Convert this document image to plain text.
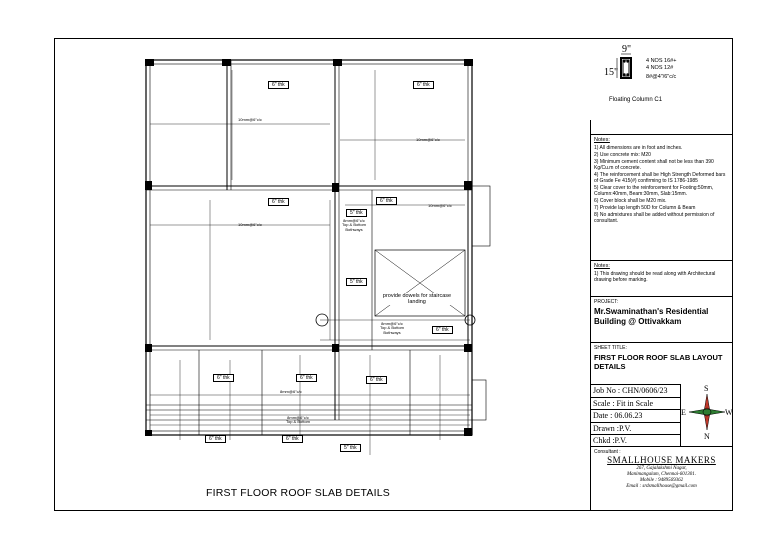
6" thk	6" thk
6" thk
5" thk
6" thk
5" thk
6" thk
6" thk	6" thk	6" thk
6" thk	6" thk
5" thk
10mm@6"c/c
10mm@6"c/c
10mm@6"c/c
10mm@6"c/c
8mm@6"c/c
8mm@6"c/c
Top & Bottom
Bothways
8mm@6"c/c
Top & Bottom
Bothways
8mm@6"c/c
Top & Bottom
provide dowels for staircase landing
9"
15"
4 NOS 16#+
4 NOS 12#
8#@4"/6"c/c
Floating Column C1
Notes:
1) All dimensions are in foot and inches.
2) Use concrete mix: M20
3) Minimum cement content shall not be less than 390 Kg/Cu.m of concrete.
4) The reinforcement shall be High Strength Deformed bars of Grade Fe 415(#) confirming to IS 1786-1985
5) Clear cover to the reinforcement for Footing:50mm, Column:40mm, Beam:30mm, Slab:15mm.
6) Cover block shall be M20 mix.
7) Provide lap length 50D for Column & Beam
8) No admixtures shall be added without permission of consultant.
Notes:
1) This drawing should be read along with Architectural drawing before marking.
PROJECT:
Mr.Swaminathan's Residential Building @ Ottivakkam
SHEET TITLE:
FIRST FLOOR ROOF SLAB LAYOUT DETAILS
Job No : CHN/0606/23
Scale : Fit in Scale
Date : 06.06.23
Drawn :P.V.
Chkd :P.V.
S
E	W
N
Consultant :
SMALLHOUSE MAKERS
267, Gajalakshmi Nagar,
Manimangalam, Chennai-601301.
Mobile : 9489569362
Email : srdsmallhouse@gmail.com
FIRST FLOOR ROOF SLAB DETAILS
